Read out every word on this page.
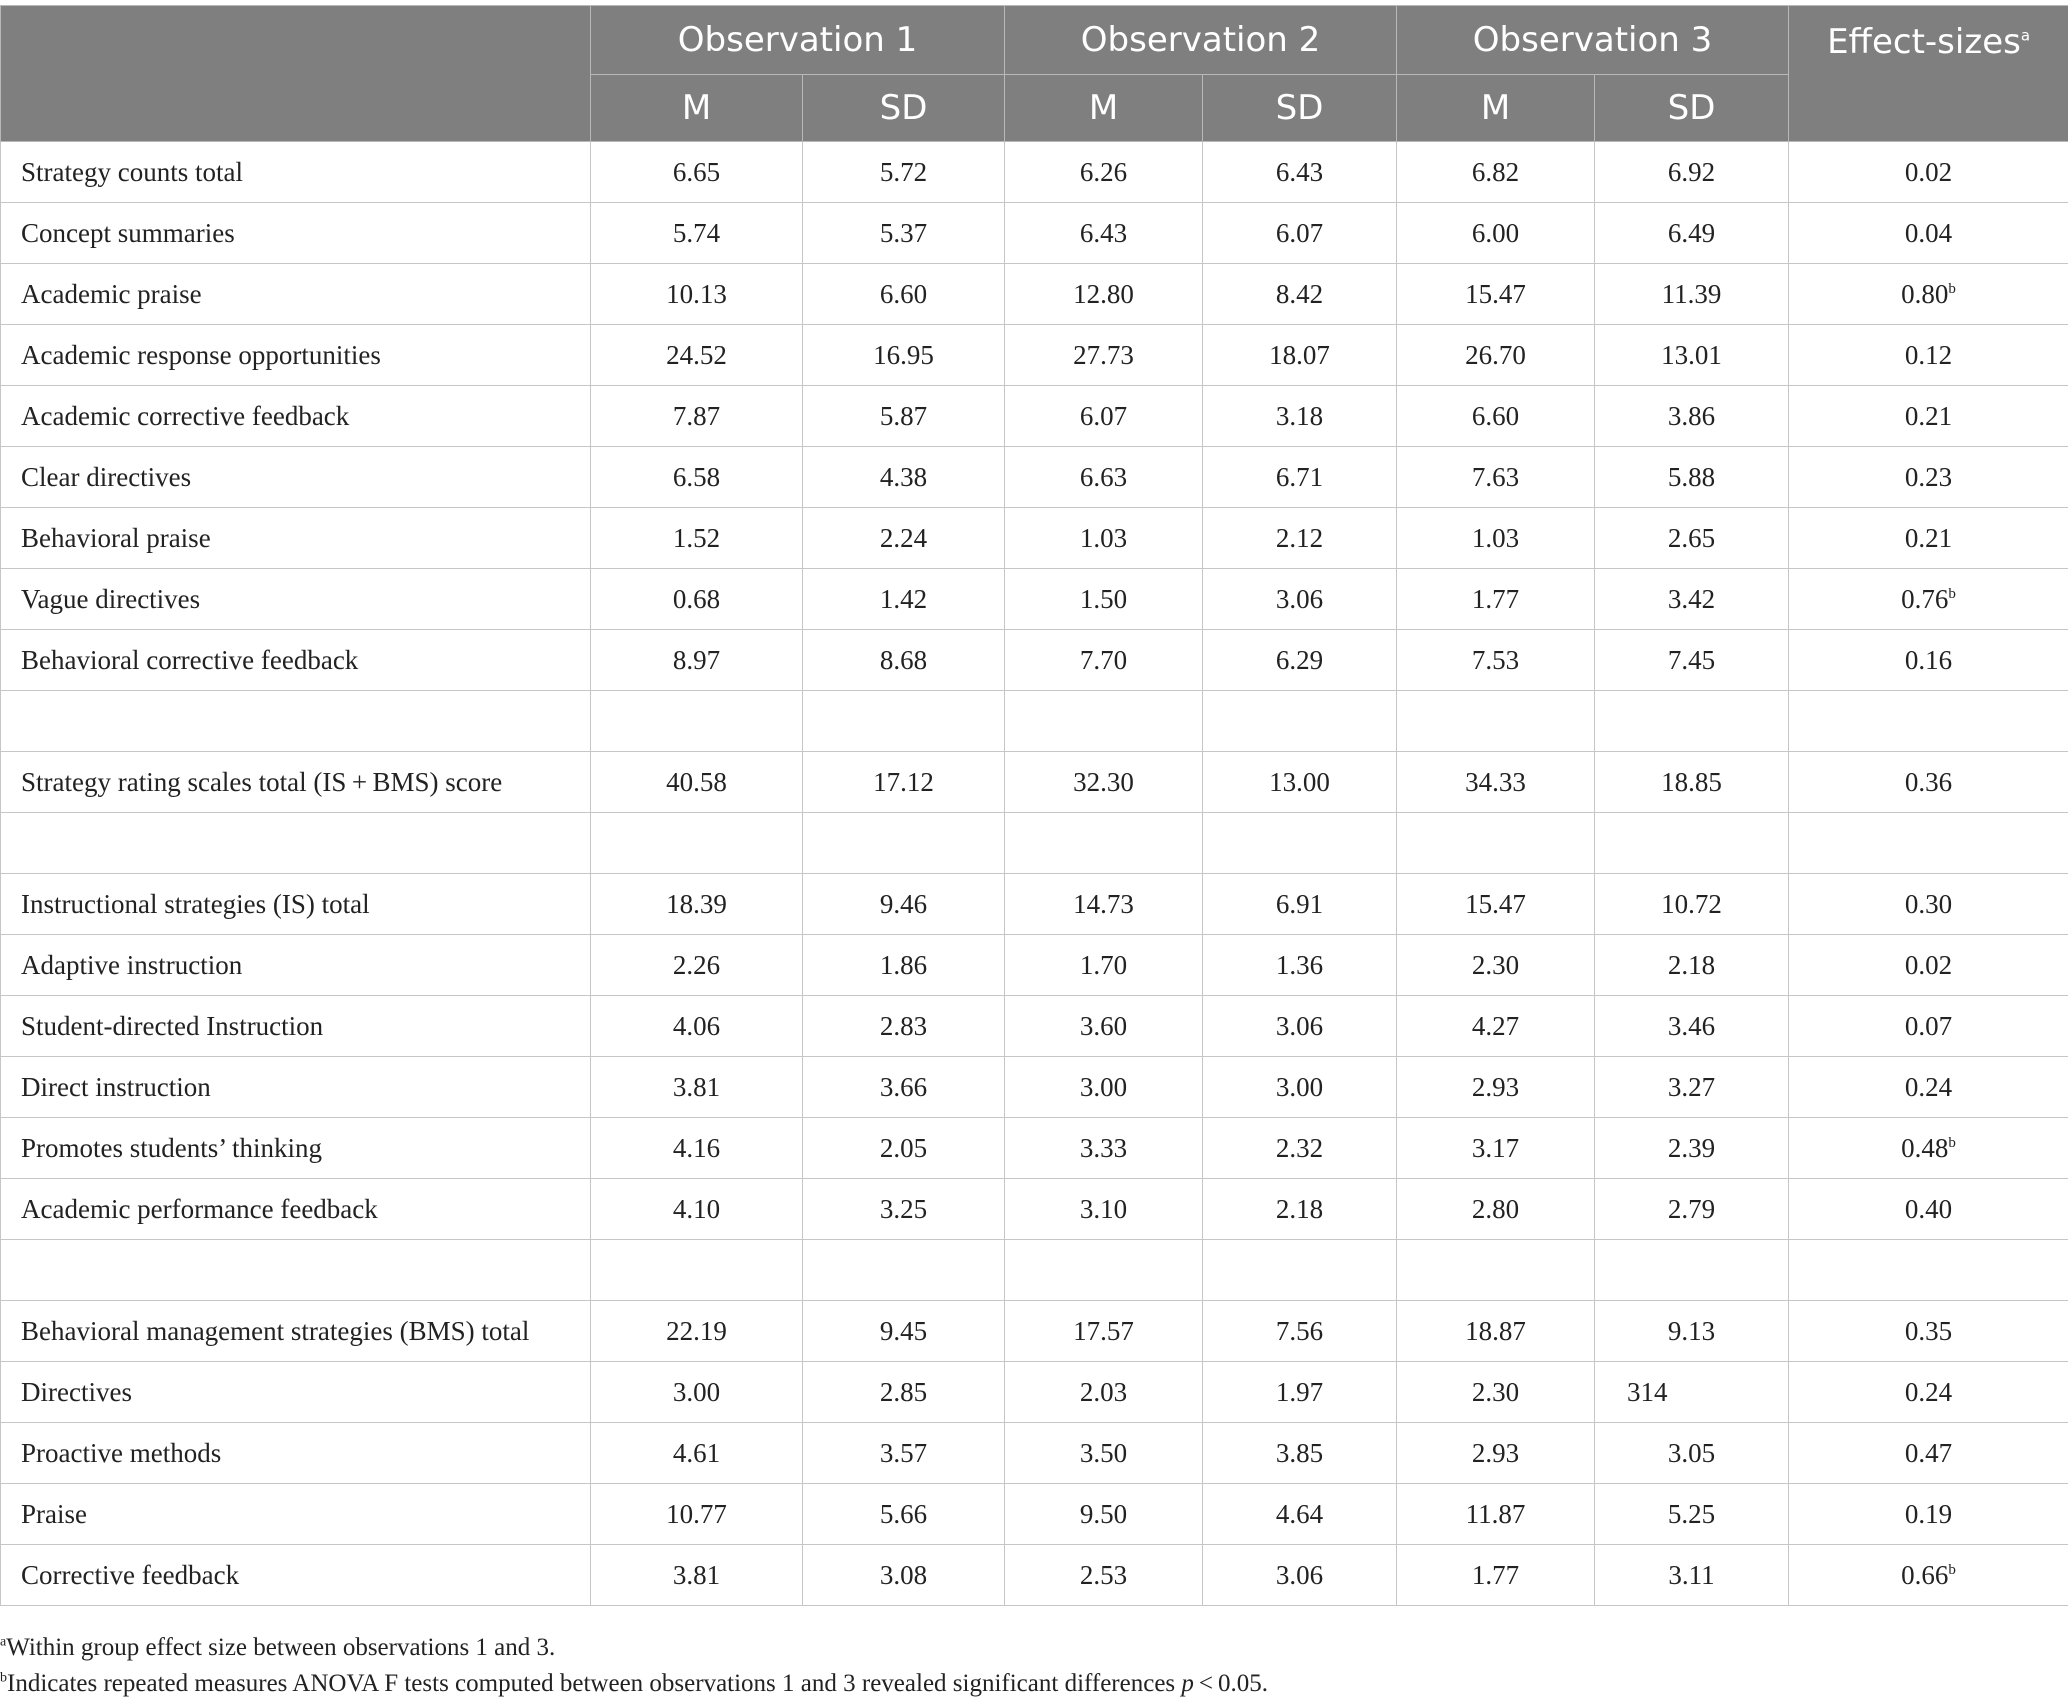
	Observation 1		Observation 2		Observation 3		Effect-sizes$^a$
	M	SD	M	SD	M	SD	
Strategy counts total	6.65	5.72	6.26	6.43	6.82	6.92	0.02
Concept summaries	5.74	5.37	6.43	6.07	6.00	6.49	0.04
Academic praise	10.13	6.60	12.80	8.42	15.47	11.39	0.80$^b$
Academic response opportunities	24.52	16.95	27.73	18.07	26.70	13.01	0.12
Academic corrective feedback	7.87	5.87	6.07	3.18	6.60	3.86	0.21
Clear directives	6.58	4.38	6.63	6.71	7.63	5.88	0.23
Behavioral praise	1.52	2.24	1.03	2.12	1.03	2.65	0.21
Vague directives	0.68	1.42	1.50	3.06	1.77	3.42	0.76$^b$
Behavioral corrective feedback	8.97	8.68	7.70	6.29	7.53	7.45	0.16

Strategy rating scales total (IS + BMS) score	40.58	17.12	32.30	13.00	34.33	18.85	0.36

Instructional strategies (IS) total	18.39	9.46	14.73	6.91	15.47	10.72	0.30
Adaptive instruction	2.26	1.86	1.70	1.36	2.30	2.18	0.02
Student-directed Instruction	4.06	2.83	3.60	3.06	4.27	3.46	0.07
Direct instruction	3.81	3.66	3.00	3.00	2.93	3.27	0.24
Promotes students’ thinking	4.16	2.05	3.33	2.32	3.17	2.39	0.48$^b$
Academic performance feedback	4.10	3.25	3.10	2.18	2.80	2.79	0.40

Behavioral management strategies (BMS) total	22.19	9.45	17.57	7.56	18.87	9.13	0.35
Directives	3.00	2.85	2.03	1.97	2.30	314	0.24
Proactive methods	4.61	3.57	3.50	3.85	2.93	3.05	0.47
Praise	10.77	5.66	9.50	4.64	11.87	5.25	0.19
Corrective feedback	3.81	3.08	2.53	3.06	1.77	3.11	0.66$^b$
$^a$Within group effect size between observations 1 and 3.
$^b$Indicates repeated measures ANOVA F tests computed between observations 1 and 3 revealed significant differences p < 0.05.
